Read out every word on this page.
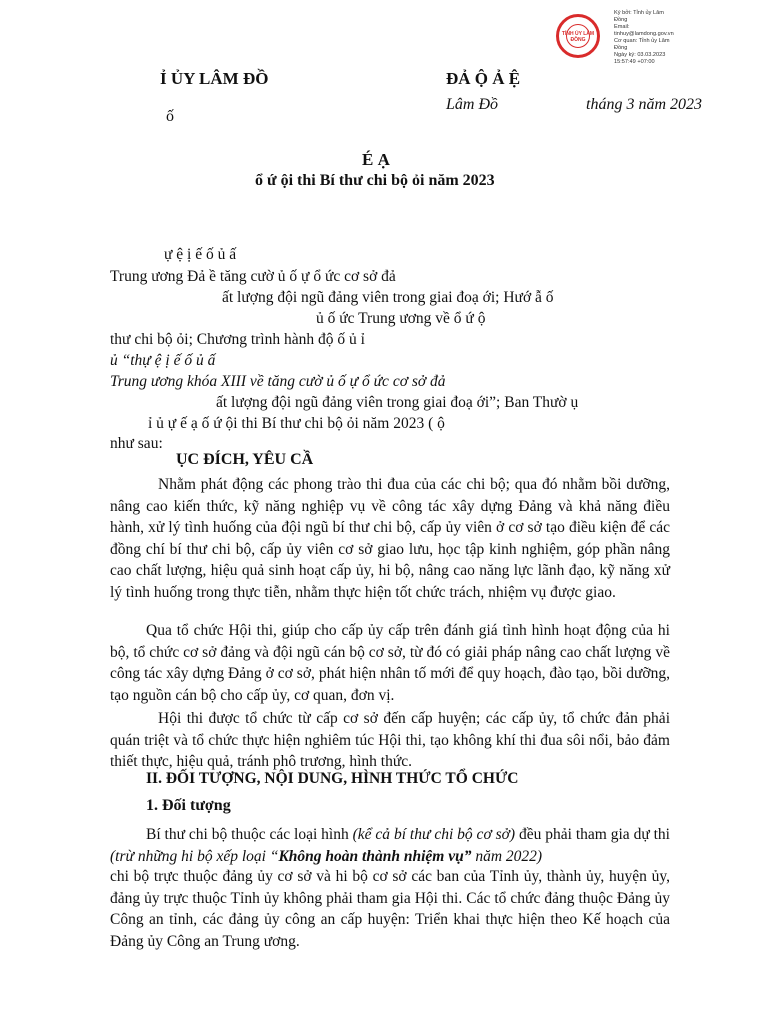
TỈNH ỦY LÂM ĐỒNG
Ký bởi: Tỉnh ủy Lâm
Đồng
Email:
tinhuy@lamdong.gov.vn
Cơ quan: Tỉnh ủy Lâm
Đồng
Ngày ký: 03.03.2023
15:57:49 +07:00
Ỉ ỦY LÂM ĐỒ
ố
ĐẢ Ộ Ả Ệ
Lâm Đồ	tháng 3 năm 2023
É Ạ
ổ ứ ội thi Bí thư chi bộ ỏi năm 2023
ự ệ ị ế ố ủ ấ
Trung ương Đả ề tăng cườ ủ ố ự ổ ức cơ sở đả
ất lượng đội ngũ đảng viên trong giai đoạ ới; Hướ ẫ ố
ủ ố ức Trung ương về ổ ứ ộ
thư chi bộ ỏi; Chương trình hành độ ố ủ ỉ
ủ “thự ệ ị ế ố ủ ấ
Trung ương khóa XIII về tăng cườ ủ ố ự ổ ức cơ sở đả
ất lượng đội ngũ đảng viên trong giai đoạ ới”; Ban Thườ ụ
ỉ ủ ự ế ạ ố ứ ội thi Bí thư chi bộ ỏi năm 2023 ( ộ
như sau:
ỤC ĐÍCH, YÊU CẦ
Nhằm phát động các phong trào thi đua của các chi bộ; qua đó nhằm bồi dưỡng, nâng cao kiến thức, kỹ năng nghiệp vụ về công tác xây dựng Đảng và khả năng điều hành, xử lý tình huống của đội ngũ bí thư chi bộ, cấp ủy viên ở cơ sở tạo điều kiện để các đồng chí bí thư chi bộ, cấp ủy viên cơ sở giao lưu, học tập kinh nghiệm, góp phần nâng cao chất lượng, hiệu quả sinh hoạt cấp ủy, hi bộ, nâng cao năng lực lãnh đạo, kỹ năng xử lý tình huống trong thực tiễn, nhằm thực hiện tốt chức trách, nhiệm vụ được giao.
Qua tổ chức Hội thi, giúp cho cấp ủy cấp trên đánh giá tình hình hoạt động của hi bộ, tổ chức cơ sở đảng và đội ngũ cán bộ cơ sở, từ đó có giải pháp nâng cao chất lượng về công tác xây dựng Đảng ở cơ sở, phát hiện nhân tố mới để quy hoạch, đào tạo, bồi dưỡng, tạo nguồn cán bộ cho cấp ủy, cơ quan, đơn vị.
Hội thi được tổ chức từ cấp cơ sở đến cấp huyện; các cấp ủy, tổ chức đản phải quán triệt và tổ chức thực hiện nghiêm túc Hội thi, tạo không khí thi đua sôi nổi, bảo đảm thiết thực, hiệu quả, tránh phô trương, hình thức.
II. ĐỐI TƯỢNG, NỘI DUNG, HÌNH THỨC TỔ CHỨC
1. Đối tượng
Bí thư chi bộ thuộc các loại hình (kể cả bí thư chi bộ cơ sở) đều phải tham gia dự thi (trừ những hi bộ xếp loại “Không hoàn thành nhiệm vụ” năm 2022)
chi bộ trực thuộc đảng ủy cơ sở và hi bộ cơ sở các ban của Tỉnh ủy, thành ủy, huyện ủy, đảng ủy trực thuộc Tỉnh ủy không phải tham gia Hội thi. Các tổ chức đảng thuộc Đảng ủy Công an tỉnh, các đảng ủy công an cấp huyện: Triển khai thực hiện theo Kế hoạch của Đảng ủy Công an Trung ương.
